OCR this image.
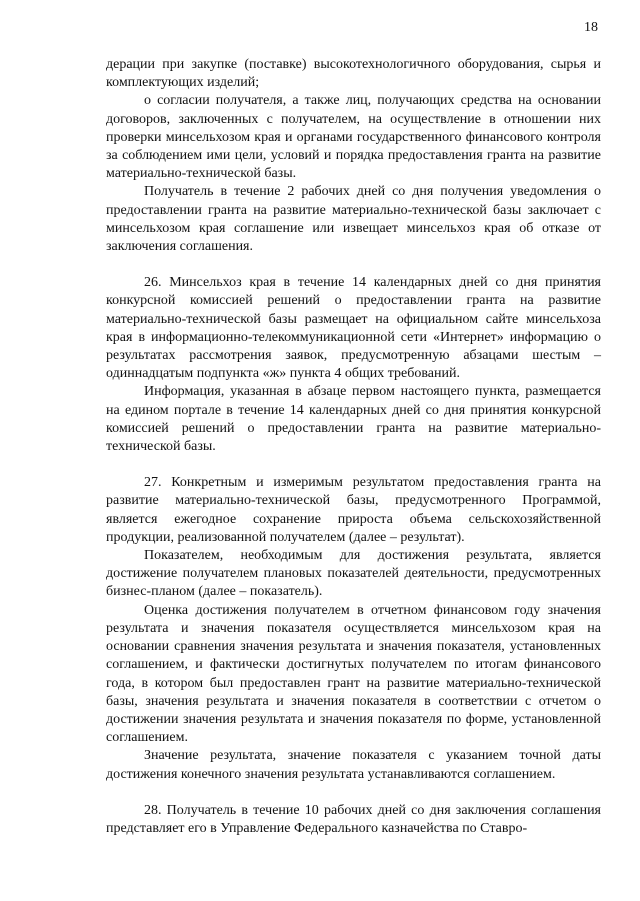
18

дерации при закупке (поставке) высокотехнологичного оборудования, сырья и комплектующих изделий;

о согласии получателя, а также лиц, получающих средства на основании договоров, заключенных с получателем, на осуществление в отношении них проверки минсельхозом края и органами государственного финансового контроля за соблюдением ими цели, условий и порядка предоставления гранта на развитие материально-технической базы.

Получатель в течение 2 рабочих дней со дня получения уведомления о предоставлении гранта на развитие материально-технической базы заключает с минсельхозом края соглашение или извещает минсельхоз края об отказе от заключения соглашения.

26. Минсельхоз края в течение 14 календарных дней со дня принятия конкурсной комиссией решений о предоставлении гранта на развитие материально-технической базы размещает на официальном сайте минсельхоза края в информационно-телекоммуникационной сети «Интернет» информацию о результатах рассмотрения заявок, предусмотренную абзацами шестым – одиннадцатым подпункта «ж» пункта 4 общих требований.

Информация, указанная в абзаце первом настоящего пункта, размещается на едином портале в течение 14 календарных дней со дня принятия конкурсной комиссией решений о предоставлении гранта на развитие материально-технической базы.

27. Конкретным и измеримым результатом предоставления гранта на развитие материально-технической базы, предусмотренного Программой, является ежегодное сохранение прироста объема сельскохозяйственной продукции, реализованной получателем (далее – результат).

Показателем, необходимым для достижения результата, является достижение получателем плановых показателей деятельности, предусмотренных бизнес-планом (далее – показатель).

Оценка достижения получателем в отчетном финансовом году значения результата и значения показателя осуществляется минсельхозом края на основании сравнения значения результата и значения показателя, установленных соглашением, и фактически достигнутых получателем по итогам финансового года, в котором был предоставлен грант на развитие материально-технической базы, значения результата и значения показателя в соответствии с отчетом о достижении значения результата и значения показателя по форме, установленной соглашением.

Значение результата, значение показателя с указанием точной даты достижения конечного значения результата устанавливаются соглашением.

28. Получатель в течение 10 рабочих дней со дня заключения соглашения представляет его в Управление Федерального казначейства по Ставро-
